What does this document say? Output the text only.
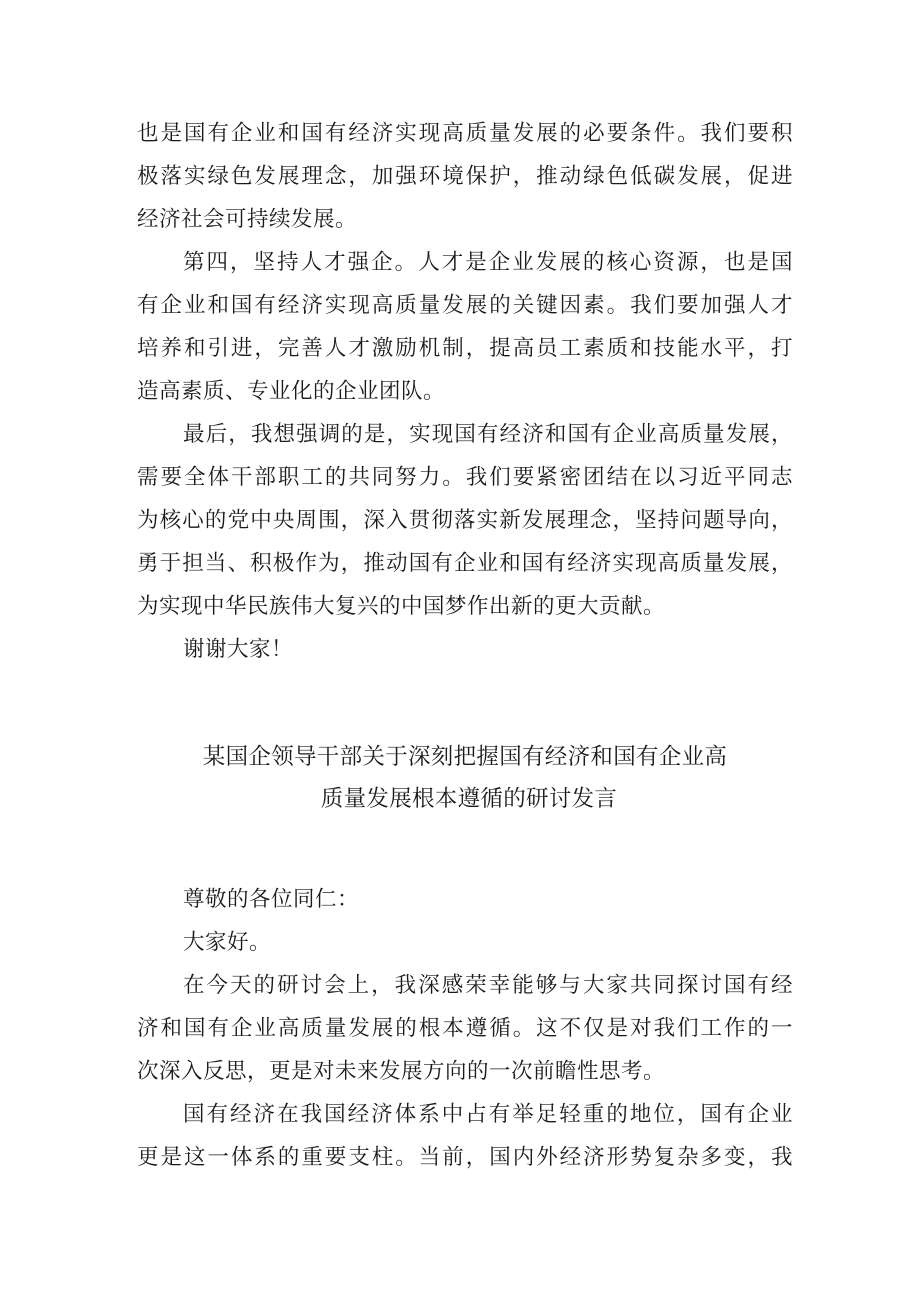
也是国有企业和国有经济实现高质量发展的必要条件。我们要积
极落实绿色发展理念，加强环境保护，推动绿色低碳发展，促进
经济社会可持续发展。
第四，坚持人才强企。人才是企业发展的核心资源，也是国
有企业和国有经济实现高质量发展的关键因素。我们要加强人才
培养和引进，完善人才激励机制，提高员工素质和技能水平，打
造高素质、专业化的企业团队。
最后，我想强调的是，实现国有经济和国有企业高质量发展，
需要全体干部职工的共同努力。我们要紧密团结在以习近平同志
为核心的党中央周围，深入贯彻落实新发展理念，坚持问题导向，
勇于担当、积极作为，推动国有企业和国有经济实现高质量发展，
为实现中华民族伟大复兴的中国梦作出新的更大贡献。
谢谢大家！
某国企领导干部关于深刻把握国有经济和国有企业高
质量发展根本遵循的研讨发言
尊敬的各位同仁：
大家好。
在今天的研讨会上，我深感荣幸能够与大家共同探讨国有经
济和国有企业高质量发展的根本遵循。这不仅是对我们工作的一
次深入反思，更是对未来发展方向的一次前瞻性思考。
国有经济在我国经济体系中占有举足轻重的地位，国有企业
更是这一体系的重要支柱。当前，国内外经济形势复杂多变，我
